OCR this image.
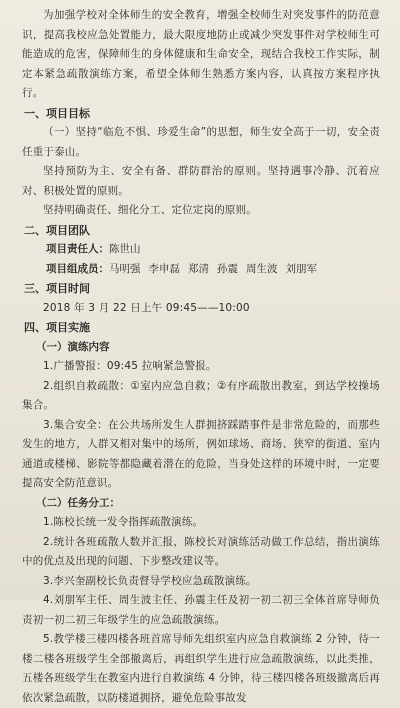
为加强学校对全体师生的安全教育，增强全校师生对突发事件的防范意识，提高我校应急处置能力，最大限度地防止或减少突发事件对学校师生可能造成的危害，保障师生的身体健康和生命安全，现结合我校工作实际，制定本紧急疏散演练方案，希望全体师生熟悉方案内容，认真按方案程序执行。

一、项目目标

（一）坚持“临危不惧、珍爱生命”的思想，师生安全高于一切，安全责任重于泰山。

坚持预防为主、安全有备、群防群治的原则。坚持遇事冷静、沉着应对、积极处置的原则。

坚持明确责任、细化分工、定位定岗的原则。

二、项目团队

项目责任人：陈世山

项目组成员：马明强 李申磊 郑清 孙震 周生波 刘朋军

三、项目时间

2018 年 3 月 22 日上午 09:45——10:00

四、项目实施

（一）演练内容

1.广播警报：09:45 拉响紧急警报。

2.组织自救疏散：①室内应急自救；②有序疏散出教室，到达学校操场集合。

3.集合安全：在公共场所发生人群拥挤踩踏事件是非常危险的，而那些发生的地方，人群又相对集中的场所，例如球场、商场、狭窄的街道、室内通道或楼梯、影院等都隐藏着潜在的危险，当身处这样的环境中时，一定要提高安全防范意识。

（二）任务分工：

1.陈校长统一发令指挥疏散演练。

2.统计各班疏散人数并汇报，陈校长对演练活动做工作总结，指出演练中的优点及出现的问题、下步整改建议等。

3.李兴奎副校长负责督导学校应急疏散演练。

4.刘朋军主任、周生波主任、孙震主任及初一初二初三全体首席导师负责初一初二初三年级学生的应急疏散演练。

5.教学楼三楼四楼各班首席导师先组织室内应急自救演练 2 分钟，待一楼二楼各班级学生全部撤离后，再组织学生进行应急疏散演练，以此类推，五楼各班级学生在教室内进行自救演练 4 分钟，待三楼四楼各班级撤离后再依次紧急疏散，以防楼道拥挤，避免危险事故发
